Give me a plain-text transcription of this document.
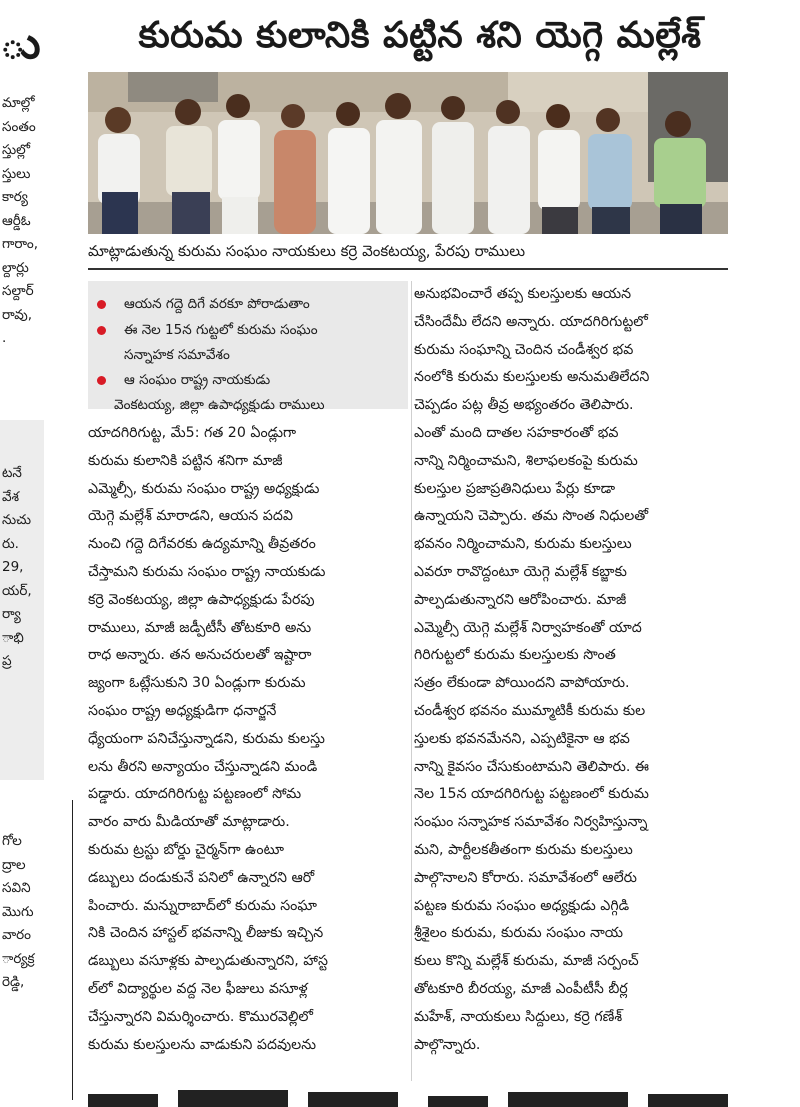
ు

మాల్లో

సంతం

స్తుల్లో

స్తులు

కార్య

ఆర్డీఓ

గారాం,

ల్దార్లు

సల్దార్

రావు,

.

టనే

వేశ

నుచు

రు.

29,

యర్,

ర్యా

ాభి

ప్ర

గోల

ద్రాల

సవిని

మొగు

వారం

ార్యక్ర

రెడ్డి,

కురుమ కులానికి పట్టిన శని యెగ్గె మల్లేశ్
మాట్లాడుతున్న కురుమ సంఘం నాయకులు కర్రె వెంకటయ్య, పేరపు రాములు

యాదగిరిగుట్ట, మే5: గత 20 ఏండ్లుగా

కురుమ కులానికి పట్టిన శనిగా మాజీ

ఎమ్మెల్సీ, కురుమ సంఘం రాష్ట్ర అధ్యక్షుడు

యెగ్గె మల్లేశ్ మారాడని, ఆయన పదవి

నుంచి గద్దె దిగేవరకు ఉద్యమాన్ని తీవ్రతరం

చేస్తామని కురుమ సంఘం రాష్ట్ర నాయకుడు

కర్రె వెంకటయ్య, జిల్లా ఉపాధ్యక్షుడు పేరపు

రాములు, మాజీ జడ్పీటీసీ తోటకూరి అను

రాధ అన్నారు. తన అనుచరులతో ఇష్టారా

జ్యంగా ఓట్లేసుకుని 30 ఏండ్లుగా కురుమ

సంఘం రాష్ట్ర అధ్యక్షుడిగా ధనార్జనే

ధ్యేయంగా పనిచేస్తున్నాడని, కురుమ కులస్తు

లను తీరని అన్యాయం చేస్తున్నాడని మండి

పడ్డారు. యాదగిరిగుట్ట పట్టణంలో సోమ

వారం వారు మీడియాతో మాట్లాడారు.

కురుమ ట్రస్టు బోర్డు చైర్మన్‌గా ఉంటూ

డబ్బులు దండుకునే పనిలో ఉన్నారని ఆరో

పించారు. మన్నురాబాద్‌లో కురుమ సంఘా

నికి చెందిన హాస్టల్ భవనాన్ని లీజుకు ఇచ్చిన

డబ్బులు వసూళ్లకు పాల్పడుతున్నారని, హాస్ట

ల్‌లో విద్యార్థుల వద్ద నెల ఫీజులు వసూళ్ల

చేస్తున్నారని విమర్శించారు. కొమురవెల్లిలో

కురుమ కులస్తులను వాడుకుని పదవులను

అనుభవించారే తప్ప కులస్తులకు ఆయన

చేసిందేమీ లేదని అన్నారు. యాదగిరిగుట్టలో

కురుమ సంఘాన్ని చెందిన చండీశ్వర భవ

నంలోకి కురుమ కులస్తులకు అనుమతిలేదని

చెప్పడం పట్ల తీవ్ర అభ్యంతరం తెలిపారు.

ఎంతో మంది దాతల సహకారంతో భవ

నాన్ని నిర్మించామని, శిలాఫలకంపై కురుమ

కులస్తుల ప్రజాప్రతినిధులు పేర్లు కూడా

ఉన్నాయని చెప్పారు. తమ సొంత నిధులతో

భవనం నిర్మించామని, కురుమ కులస్తులు

ఎవరూ రావొద్దంటూ యెగ్గె మల్లేశ్ కబ్జాకు

పాల్పడుతున్నారని ఆరోపించారు. మాజీ

ఎమ్మెల్సీ యెగ్గె మల్లేశ్ నిర్వాహకంతో యాద

గిరిగుట్టలో కురుమ కులస్తులకు సొంత

సత్రం లేకుండా పోయిందని వాపోయారు.

చండీశ్వర భవనం ముమ్మాటికీ కురుమ కుల

స్తులకు భవనమేనని, ఎప్పటికైనా ఆ భవ

నాన్ని కైవసం చేసుకుంటామని తెలిపారు. ఈ

నెల 15న యాదగిరిగుట్ట పట్టణంలో కురుమ

సంఘం సన్నాహక సమావేశం నిర్వహిస్తున్నా

మని, పార్టీలకతీతంగా కురుమ కులస్తులు

పాల్గొనాలని కోరారు. సమావేశంలో ఆలేరు

పట్టణ కురుమ సంఘం అధ్యక్షుడు ఎగ్గిడి

శ్రీశైలం కురుమ, కురుమ సంఘం నాయ

కులు కొన్ని మల్లేశ్ కురుమ, మాజీ సర్పంచ్

తోటకూరి బీరయ్య, మాజీ ఎంపీటీసీ బీర్ల

మహేశ్, నాయకులు సిద్దులు, కర్రె గణేశ్

పాల్గొన్నారు.

ఆయన గద్దె దిగే వరకూ పోరాడుతాం
ఈ నెల 15న గుట్టలో కురుమ సంఘం
సన్నాహక సమావేశం
ఆ సంఘం రాష్ట్ర నాయకుడు
వెంకటయ్య, జిల్లా ఉపాధ్యక్షుడు రాములు
